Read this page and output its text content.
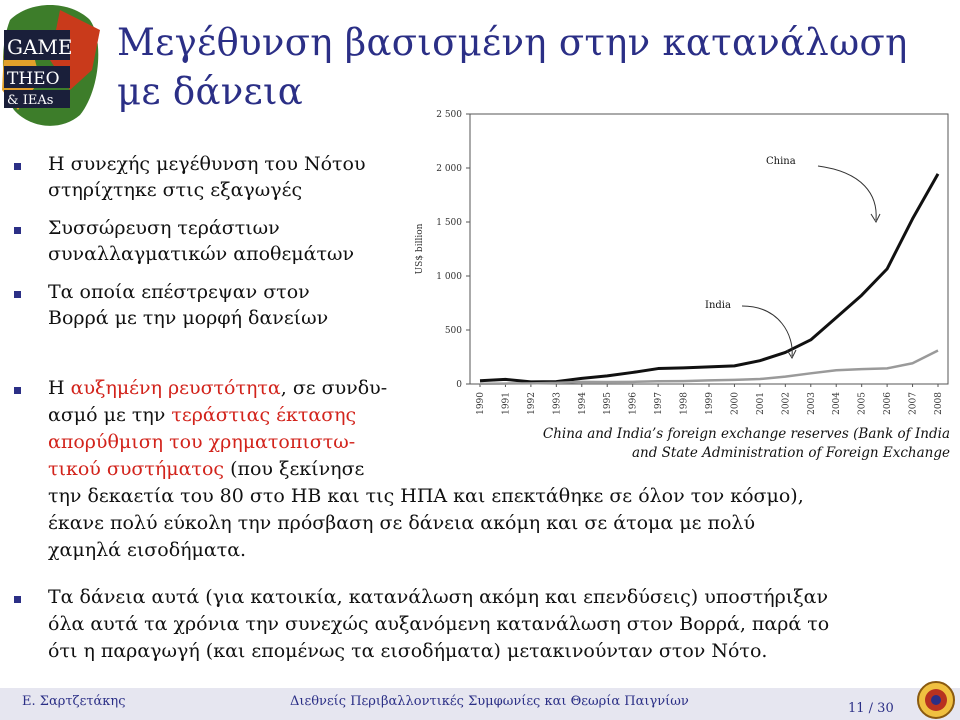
GAME
THEO
& IEAs
Μεγέθυνση βασισμένη στην κατανάλωση
με δάνεια
Η συνεχής μεγέθυνση του Νότου
στηρίχτηκε στις εξαγωγές
Συσσώρευση τεράστιων
συναλλαγματικών αποθεμάτων
Τα οποία επέστρεψαν στον
Βορρά με την μορφή δανείων
Η αυξημένη ρευστότητα, σε συνδυ-
ασμό με την τεράστιας έκτασης
απορύθμιση του χρηματοπιστω-
τικού συστήματος (που ξεκίνησε
την δεκαετία του 80 στο ΗΒ και τις ΗΠΑ και επεκτάθηκε σε όλον τον κόσμο),
έκανε πολύ εύκολη την πρόσβαση σε δάνεια ακόμη και σε άτομα με πολύ
χαμηλά εισοδήματα.
Τα δάνεια αυτά (για κατοικία, κατανάλωση ακόμη και επενδύσεις) υποστήριξαν
όλα αυτά τα χρόνια την συνεχώς αυξανόμενη κατανάλωση στον Βορρά, παρά το
ότι η παραγωγή (και επομένως τα εισοδήματα) μετακινούνταν στον Νότο.
0
500
1 000
1 500
2 000
2 500
US$ billion
1990 1991 1992 1993 1994 1995 1996 1997 1998 1999 2000 2001 2002 2003 2004 2005 2006 2007 2008
China
India
China and India’s foreign exchange reserves (Bank of India
and State Administration of Foreign Exchange
Ε. Σαρτζετάκης	Διεθνείς Περιβαλλοντικές Συμφωνίες και Θεωρία Παιγνίων	11 / 30
